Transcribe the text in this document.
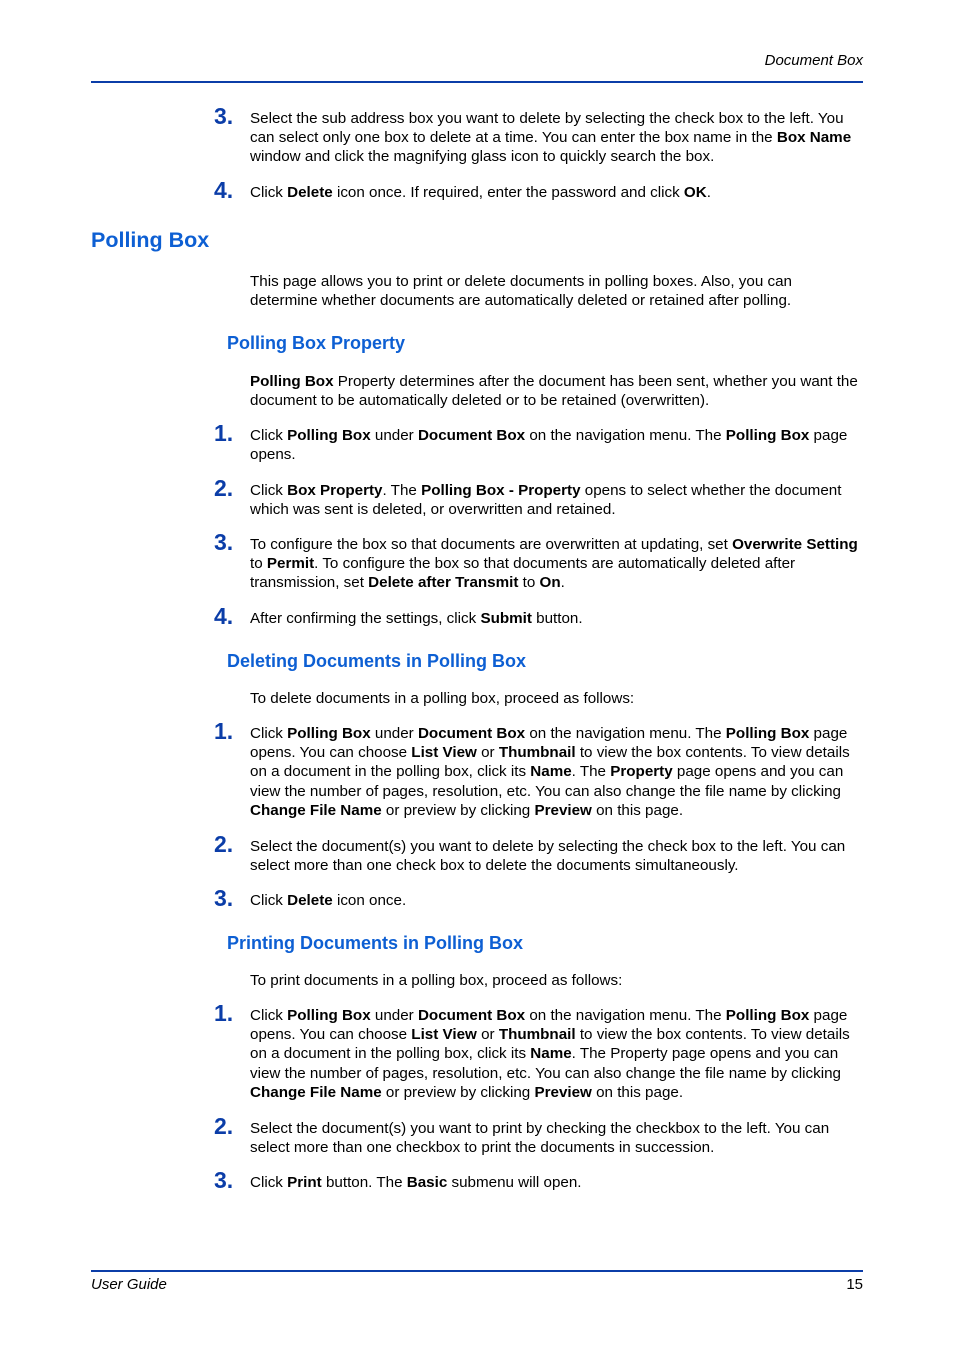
Document Box
3. Select the sub address box you want to delete by selecting the check box to the left. You can select only one box to delete at a time. You can enter the box name in the Box Name window and click the magnifying glass icon to quickly search the box.
4. Click Delete icon once. If required, enter the password and click OK.
Polling Box
This page allows you to print or delete documents in polling boxes. Also, you can determine whether documents are automatically deleted or retained after polling.
Polling Box Property
Polling Box Property determines after the document has been sent, whether you want the document to be automatically deleted or to be retained (overwritten).
1. Click Polling Box under Document Box on the navigation menu. The Polling Box page opens.
2. Click Box Property. The Polling Box - Property opens to select whether the document which was sent is deleted, or overwritten and retained.
3. To configure the box so that documents are overwritten at updating, set Overwrite Setting to Permit. To configure the box so that documents are automatically deleted after transmission, set Delete after Transmit to On.
4. After confirming the settings, click Submit button.
Deleting Documents in Polling Box
To delete documents in a polling box, proceed as follows:
1. Click Polling Box under Document Box on the navigation menu. The Polling Box page opens. You can choose List View or Thumbnail to view the box contents. To view details on a document in the polling box, click its Name. The Property page opens and you can view the number of pages, resolution, etc. You can also change the file name by clicking Change File Name or preview by clicking Preview on this page.
2. Select the document(s) you want to delete by selecting the check box to the left. You can select more than one check box to delete the documents simultaneously.
3. Click Delete icon once.
Printing Documents in Polling Box
To print documents in a polling box, proceed as follows:
1. Click Polling Box under Document Box on the navigation menu. The Polling Box page opens. You can choose List View or Thumbnail to view the box contents. To view details on a document in the polling box, click its Name. The Property page opens and you can view the number of pages, resolution, etc. You can also change the file name by clicking Change File Name or preview by clicking Preview on this page.
2. Select the document(s) you want to print by checking the checkbox to the left. You can select more than one checkbox to print the documents in succession.
3. Click Print button. The Basic submenu will open.
User Guide	15
